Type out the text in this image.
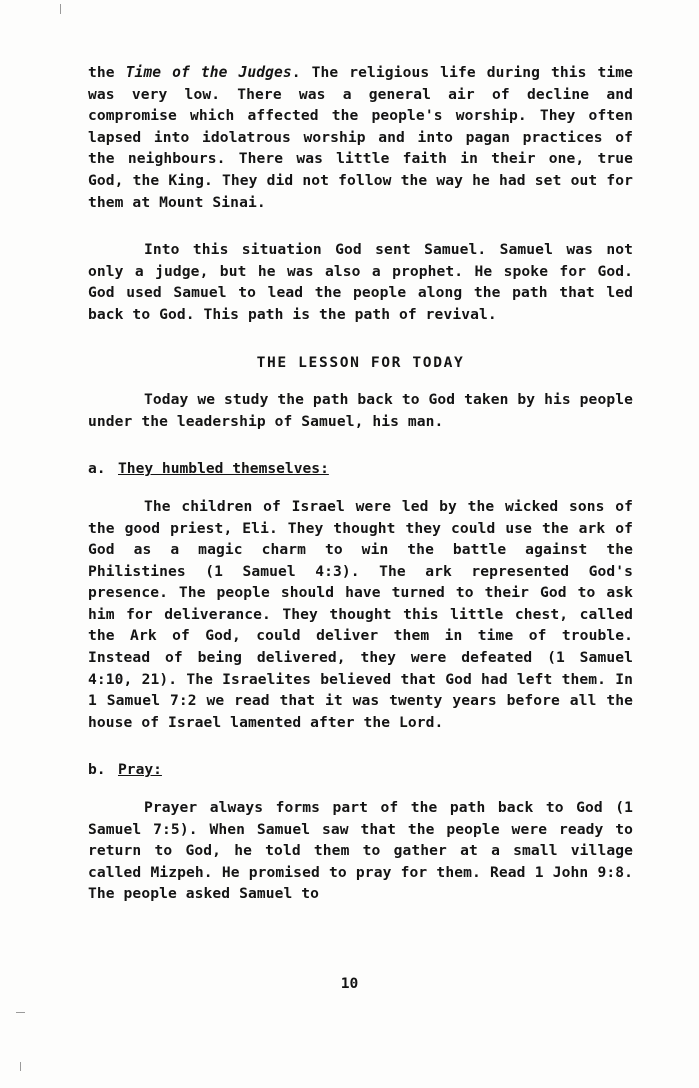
the Time of the Judges. The religious life during this time was very low. There was a general air of decline and compromise which affected the people's worship. They often lapsed into idolatrous worship and into pagan practices of the neighbours. There was little faith in their one, true God, the King. They did not follow the way he had set out for them at Mount Sinai.

Into this situation God sent Samuel. Samuel was not only a judge, but he was also a prophet. He spoke for God. God used Samuel to lead the people along the path that led back to God. This path is the path of revival.

THE LESSON FOR TODAY

Today we study the path back to God taken by his people under the leadership of Samuel, his man.

a. They humbled themselves:

The children of Israel were led by the wicked sons of the good priest, Eli. They thought they could use the ark of God as a magic charm to win the battle against the Philistines (1 Samuel 4:3). The ark represented God's presence. The people should have turned to their God to ask him for deliverance. They thought this little chest, called the Ark of God, could deliver them in time of trouble. Instead of being delivered, they were defeated (1 Samuel 4:10, 21). The Israelites believed that God had left them. In 1 Samuel 7:2 we read that it was twenty years before all the house of Israel lamented after the Lord.

b. Pray:

Prayer always forms part of the path back to God (1 Samuel 7:5). When Samuel saw that the people were ready to return to God, he told them to gather at a small village called Mizpeh. He promised to pray for them. Read 1 John 9:8. The people asked Samuel to

10
